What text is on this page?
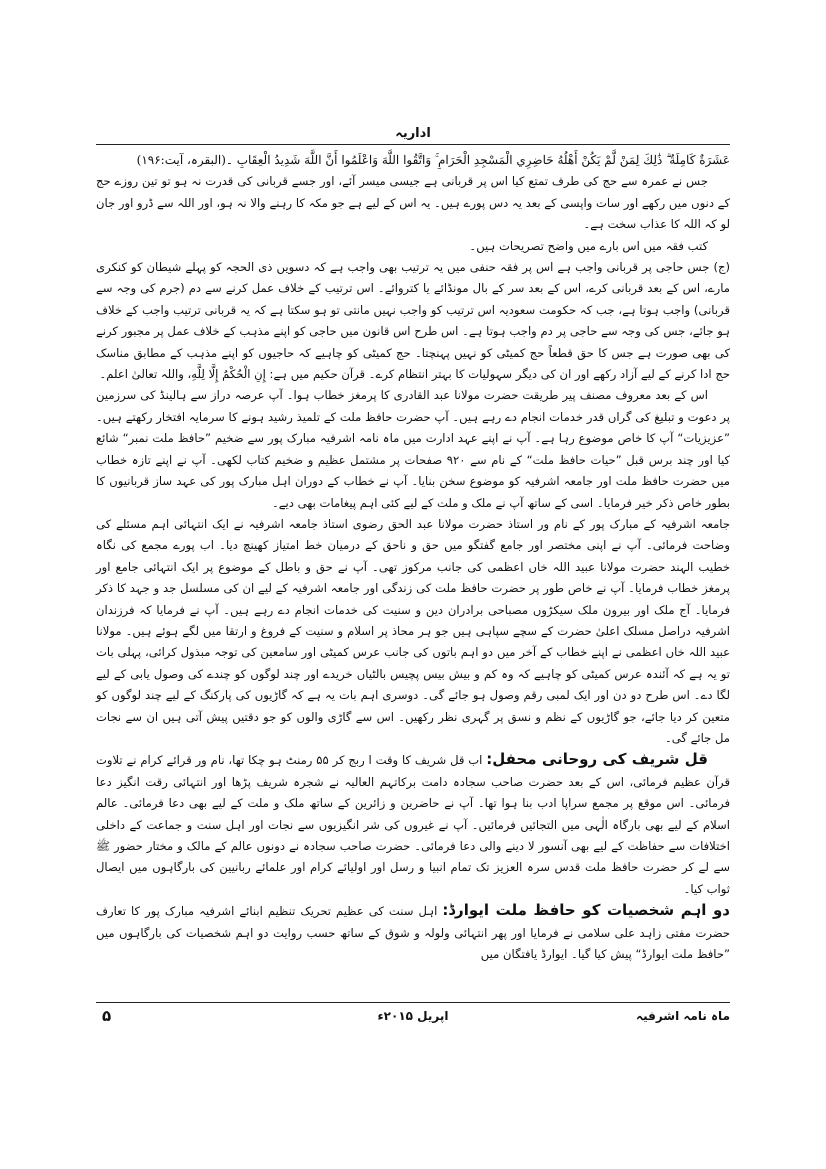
اداریہ

عَشَرَةٌ كَامِلَةٌ ۗ ذَٰلِكَ لِمَنْ لَّمْ يَكُنْ أَهْلُهُ حَاضِرِي الْمَسْجِدِ الْحَرَامِ ۚ وَاتَّقُوا اللَّهَ وَاعْلَمُوا أَنَّ اللَّهَ شَدِيدُ الْعِقَابِ ۔(البقرہ، آیت:۱۹۶)

جس نے عمرہ سے حج کی طرف تمتع کیا اس پر قربانی ہے جیسی میسر آئے، اور جسے قربانی کی قدرت نہ ہو تو تین روزے حج کے دنوں میں رکھے اور سات واپسی کے بعد یہ دس پورے ہیں۔ یہ اس کے لیے ہے جو مکہ کا رہنے والا نہ ہو، اور اللہ سے ڈرو اور جان لو کہ اللہ کا عذاب سخت ہے۔

کتب فقہ میں اس بارے میں واضح تصریحات ہیں۔

(ج) جس حاجی پر قربانی واجب ہے اس پر فقہ حنفی میں یہ ترتیب بھی واجب ہے کہ دسویں ذی الحجہ کو پہلے شیطان کو کنکری مارے، اس کے بعد قربانی کرے، اس کے بعد سر کے بال مونڈائے یا کتروائے۔ اس ترتیب کے خلاف عمل کرنے سے دم (جرم کی وجہ سے قربانی) واجب ہوتا ہے، جب کہ حکومت سعودیہ اس ترتیب کو واجب نہیں مانتی تو ہو سکتا ہے کہ یہ قربانی ترتیب واجب کے خلاف ہو جائے، جس کی وجہ سے حاجی پر دم واجب ہوتا ہے۔ اس طرح اس قانون میں حاجی کو اپنے مذہب کے خلاف عمل پر مجبور کرنے کی بھی صورت ہے جس کا حق قطعاً حج کمیٹی کو نہیں پہنچتا۔ حج کمیٹی کو چاہیے کہ حاجیوں کو اپنے مذہب کے مطابق مناسک حج ادا کرنے کے لیے آزاد رکھے اور ان کی دیگر سہولیات کا بہتر انتظام کرے۔ قرآن حکیم میں ہے: إِنِ الْحُكْمُ إِلَّا لِلَّهِ، واللہ تعالیٰ اعلم۔

اس کے بعد معروف مصنف پیر طریقت حضرت مولانا عبد القادری کا پرمغز خطاب ہوا۔ آپ عرصہ دراز سے ہالینڈ کی سرزمین پر دعوت و تبلیغ کی گراں قدر خدمات انجام دے رہے ہیں۔ آپ حضرت حافظ ملت کے تلمیذ رشید ہونے کا سرمایہ افتخار رکھتے ہیں۔ ”عزیزیات“ آپ کا خاص موضوع رہا ہے۔ آپ نے اپنے عہد ادارت میں ماہ نامہ اشرفیہ مبارک پور سے ضخیم ”حافظ ملت نمبر“ شائع کیا اور چند برس قبل ”حیات حافظ ملت“ کے نام سے ۹۲۰ صفحات پر مشتمل عظیم و ضخیم کتاب لکھی۔ آپ نے اپنے تازہ خطاب میں حضرت حافظ ملت اور جامعہ اشرفیہ کو موضوع سخن بنایا۔ آپ نے خطاب کے دوران اہل مبارک پور کی عہد ساز قربانیوں کا بطور خاص ذکر خیر فرمایا۔ اسی کے ساتھ آپ نے ملک و ملت کے لیے کئی اہم پیغامات بھی دیے۔

جامعہ اشرفیہ کے مبارک پور کے نام ور استاذ حضرت مولانا عبد الحق رضوی استاذ جامعہ اشرفیہ نے ایک انتہائی اہم مسئلے کی وضاحت فرمائی۔ آپ نے اپنی مختصر اور جامع گفتگو میں حق و ناحق کے درمیان خط امتیاز کھینچ دیا۔ اب پورے مجمع کی نگاہ خطیب الہند حضرت مولانا عبید اللہ خاں اعظمی کی جانب مرکوز تھی۔ آپ نے حق و باطل کے موضوع پر ایک انتہائی جامع اور پرمغز خطاب فرمایا۔ آپ نے خاص طور پر حضرت حافظ ملت کی زندگی اور جامعہ اشرفیہ کے لیے ان کی مسلسل جد و جہد کا ذکر فرمایا۔ آج ملک اور بیرون ملک سیکڑوں مصباحی برادران دین و سنیت کی خدمات انجام دے رہے ہیں۔ آپ نے فرمایا کہ فرزندان اشرفیہ دراصل مسلک اعلیٰ حضرت کے سچے سپاہی ہیں جو ہر محاذ پر اسلام و سنیت کے فروغ و ارتقا میں لگے ہوئے ہیں۔ مولانا عبید اللہ خاں اعظمی نے اپنے خطاب کے آخر میں دو اہم باتوں کی جانب عرس کمیٹی اور سامعین کی توجہ مبذول کرائی، پہلی بات تو یہ ہے کہ آئندہ عرس کمیٹی کو چاہیے کہ وہ کم و بیش بیس پچیس بالٹیاں خریدے اور چند لوگوں کو چندے کی وصول یابی کے لیے لگا دے۔ اس طرح دو دن اور ایک لمبی رقم وصول ہو جائے گی۔ دوسری اہم بات یہ ہے کہ گاڑیوں کی پارکنگ کے لیے چند لوگوں کو متعین کر دیا جائے، جو گاڑیوں کے نظم و نسق پر گہری نظر رکھیں۔ اس سے گاڑی والوں کو جو دقتیں پیش آتی ہیں ان سے نجات مل جائے گی۔

قل شریف کی روحانی محفل: اب قل شریف کا وقت ا ربج کر ۵۵ رمنٹ ہو چکا تھا، نام ور قرائے کرام نے تلاوت قرآن عظیم فرمائی، اس کے بعد حضرت صاحب سجادہ دامت برکاتہم العالیہ نے شجرہ شریف پڑھا اور انتہائی رقت انگیز دعا فرمائی۔ اس موقع پر مجمع سراپا ادب بنا ہوا تھا۔ آپ نے حاضرین و زائرین کے ساتھ ملک و ملت کے لیے بھی دعا فرمائی۔ عالم اسلام کے لیے بھی بارگاہ الٰہی میں التجائیں فرمائیں۔ آپ نے غیروں کی شر انگیزیوں سے نجات اور اہل سنت و جماعت کے داخلی اختلافات سے حفاظت کے لیے بھی آنسور لا دینے والی دعا فرمائی۔ حضرت صاحب سجادہ نے دونوں عالم کے مالک و مختار حضور ﷺ سے لے کر حضرت حافظ ملت قدس سرہ العزیز تک تمام انبیا و رسل اور اولیائے کرام اور علمائے ربانیین کی بارگاہوں میں ایصال ثواب کیا۔

دو اہم شخصیات کو حافظ ملت ایوارڈ: اہل سنت کی عظیم تحریک تنظیم ابنائے اشرفیہ مبارک پور کا تعارف حضرت مفتی زاہد علی سلامی نے فرمایا اور پھر انتہائی ولولہ و شوق کے ساتھ حسب روایت دو اہم شخصیات کی بارگاہوں میں ”حافظ ملت ایوارڈ“ پیش کیا گیا۔ ایوارڈ یافتگان میں

ماہ نامہ اشرفیہ
اپریل ۲۰۱۵ء
۵
